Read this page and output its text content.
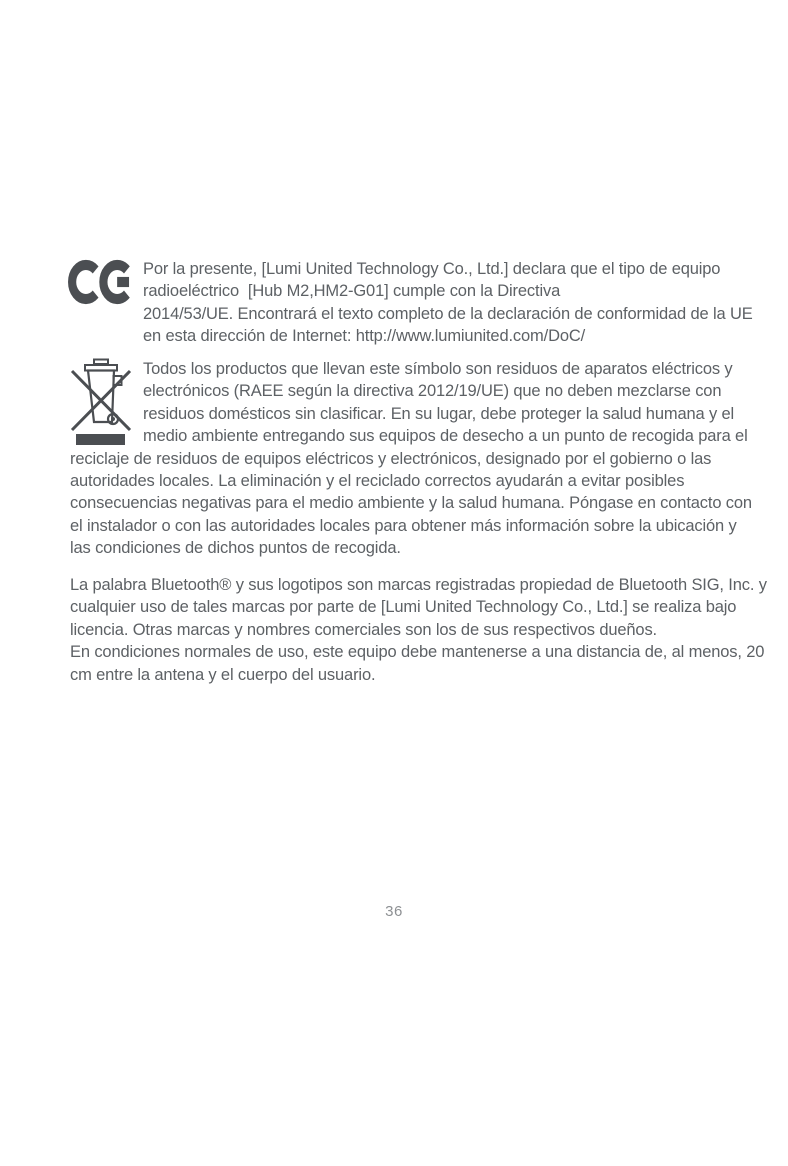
Por la presente, [Lumi United Technology Co., Ltd.] declara que el tipo de equipo
radioeléctrico  [Hub M2,HM2-G01] cumple con la Directiva
2014/53/UE. Encontrará el texto completo de la declaración de conformidad de la UE
en esta dirección de Internet: http://www.lumiunited.com/DoC/
Todos los productos que llevan este símbolo son residuos de aparatos eléctricos y
electrónicos (RAEE según la directiva 2012/19/UE) que no deben mezclarse con
residuos domésticos sin clasificar. En su lugar, debe proteger la salud humana y el
medio ambiente entregando sus equipos de desecho a un punto de recogida para el
reciclaje de residuos de equipos eléctricos y electrónicos, designado por el gobierno o las
autoridades locales. La eliminación y el reciclado correctos ayudarán a evitar posibles
consecuencias negativas para el medio ambiente y la salud humana. Póngase en contacto con
el instalador o con las autoridades locales para obtener más información sobre la ubicación y
las condiciones de dichos puntos de recogida.
La palabra Bluetooth® y sus logotipos son marcas registradas propiedad de Bluetooth SIG, Inc. y
cualquier uso de tales marcas por parte de [Lumi United Technology Co., Ltd.] se realiza bajo
licencia. Otras marcas y nombres comerciales son los de sus respectivos dueños.
En condiciones normales de uso, este equipo debe mantenerse a una distancia de, al menos, 20
cm entre la antena y el cuerpo del usuario.
36
